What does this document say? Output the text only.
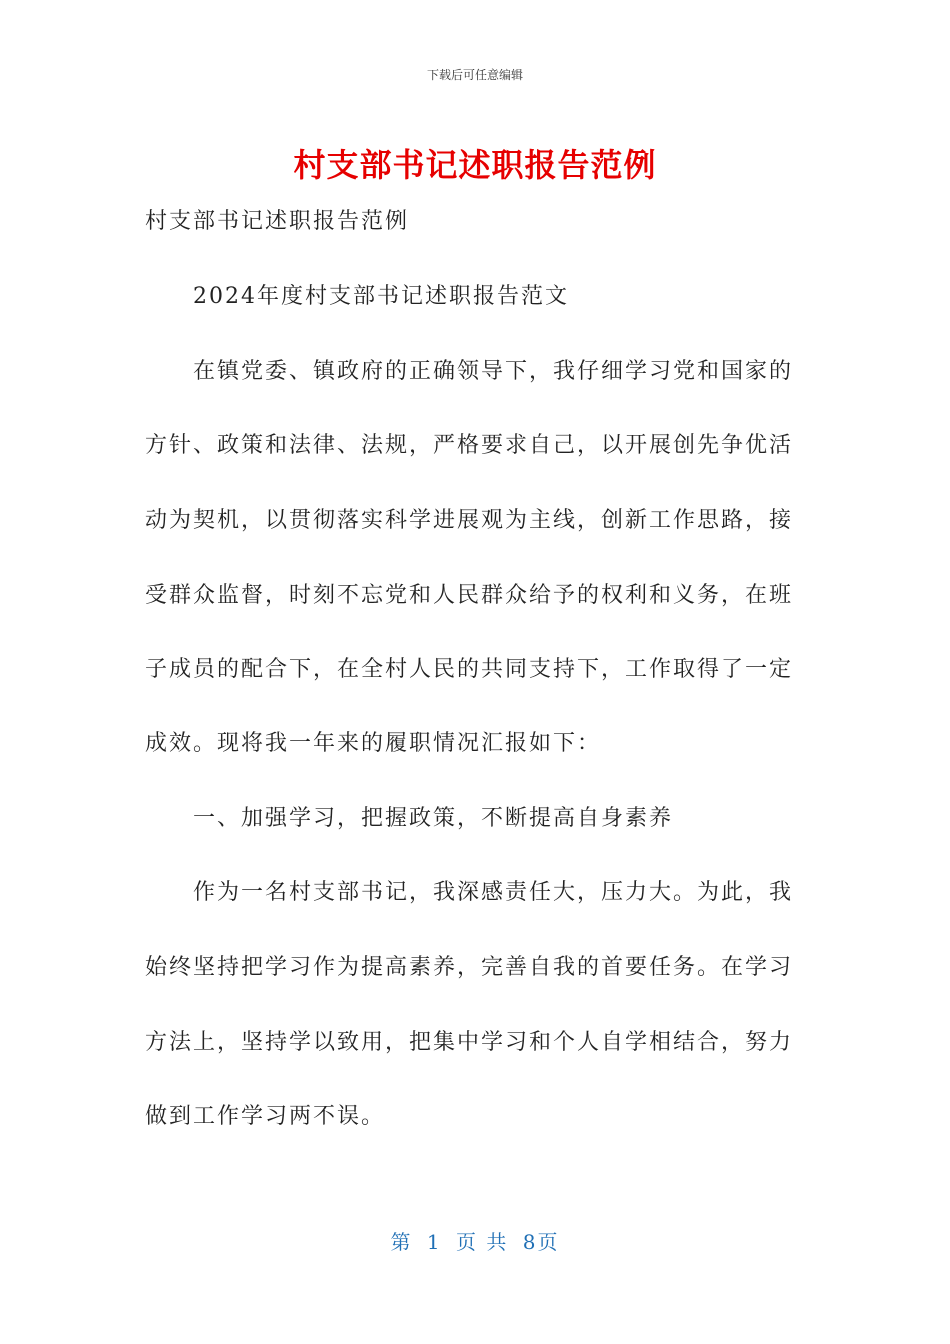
下载后可任意编辑
村支部书记述职报告范例
村支部书记述职报告范例
2024年度村支部书记述职报告范文
在镇党委、镇政府的正确领导下，我仔细学习党和国家的
方针、政策和法律、法规，严格要求自己，以开展创先争优活
动为契机，以贯彻落实科学进展观为主线，创新工作思路，接
受群众监督，时刻不忘党和人民群众给予的权利和义务，在班
子成员的配合下，在全村人民的共同支持下，工作取得了一定
成效。现将我一年来的履职情况汇报如下：
一、加强学习，把握政策，不断提高自身素养
作为一名村支部书记，我深感责任大，压力大。为此，我
始终坚持把学习作为提高素养，完善自我的首要任务。在学习
方法上，坚持学以致用，把集中学习和个人自学相结合，努力
做到工作学习两不误。
第 1 页 共 8页
